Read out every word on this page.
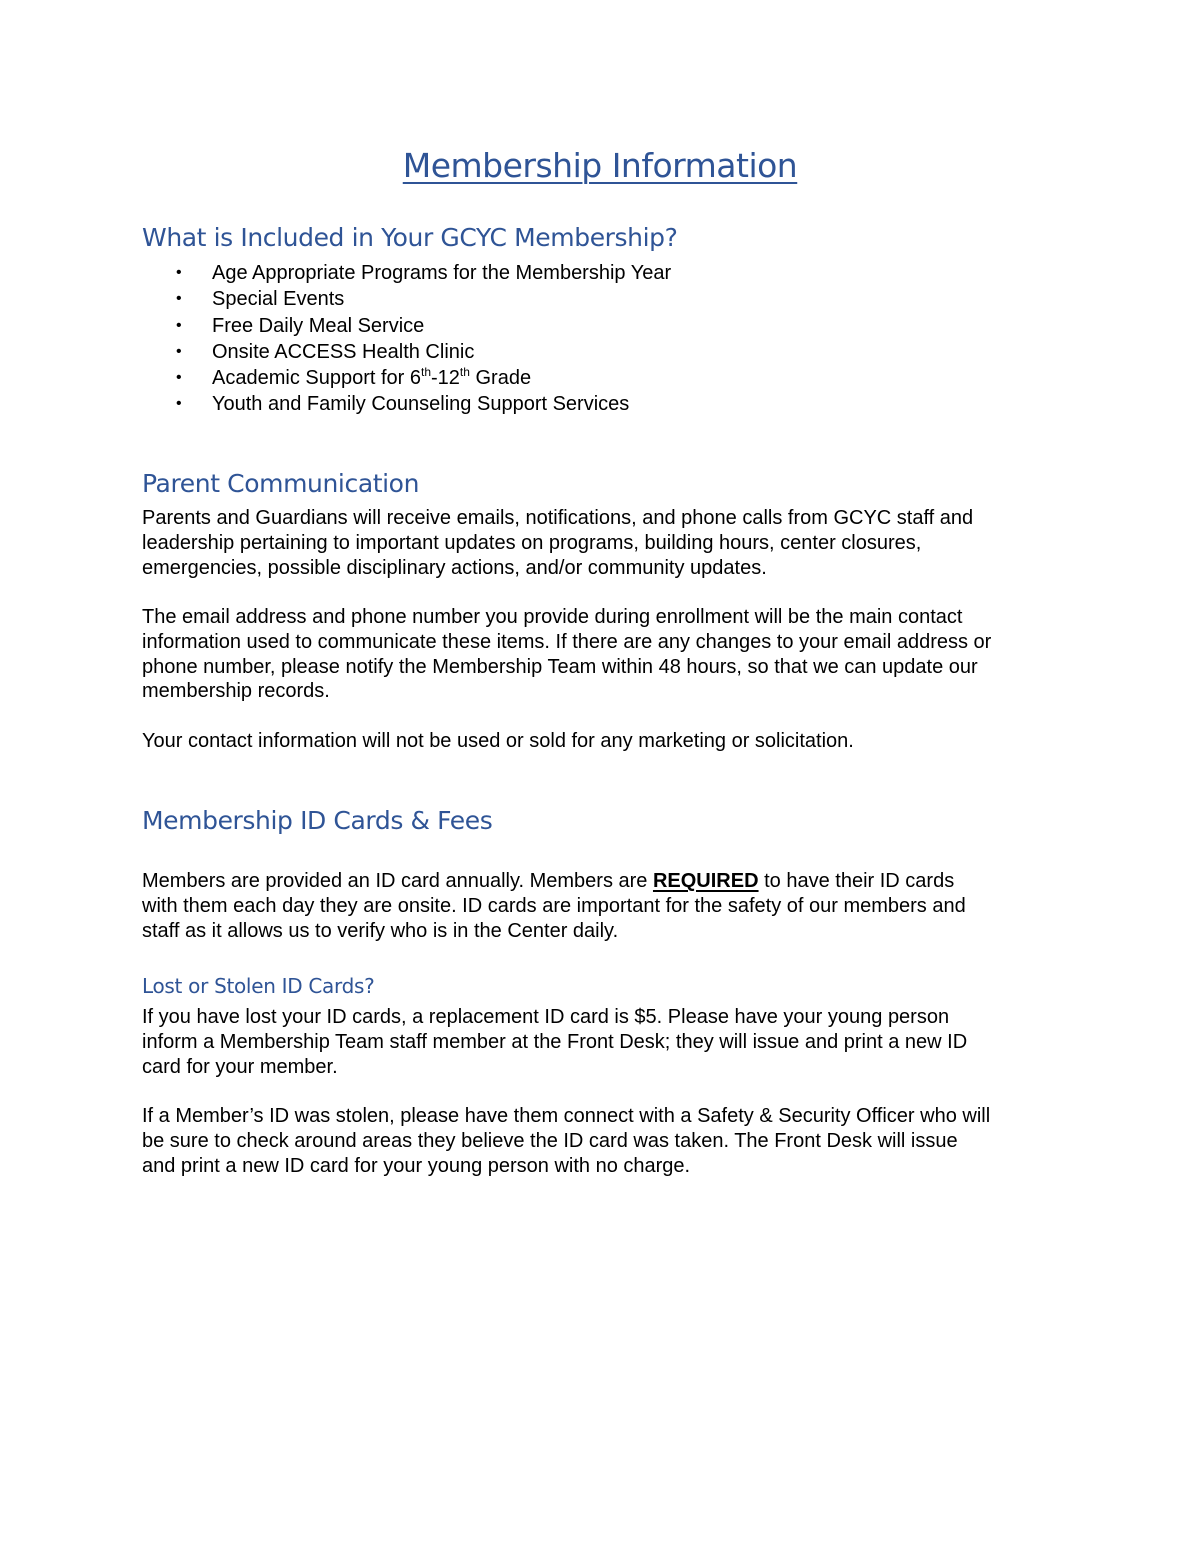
Membership Information
What is Included in Your GCYC Membership?
• Age Appropriate Programs for the Membership Year
• Special Events
• Free Daily Meal Service
• Onsite ACCESS Health Clinic
• Academic Support for 6th-12th Grade
• Youth and Family Counseling Support Services
Parent Communication

Parents and Guardians will receive emails, notifications, and phone calls from GCYC staff and
leadership pertaining to important updates on programs, building hours, center closures,
emergencies, possible disciplinary actions, and/or community updates.

The email address and phone number you provide during enrollment will be the main contact
information used to communicate these items. If there are any changes to your email address or
phone number, please notify the Membership Team within 48 hours, so that we can update our
membership records.

Your contact information will not be used or sold for any marketing or solicitation.

Membership ID Cards & Fees

Members are provided an ID card annually. Members are REQUIRED to have their ID cards
with them each day they are onsite. ID cards are important for the safety of our members and
staff as it allows us to verify who is in the Center daily.

Lost or Stolen ID Cards?

If you have lost your ID cards, a replacement ID card is $5. Please have your young person
inform a Membership Team staff member at the Front Desk; they will issue and print a new ID
card for your member.

If a Member’s ID was stolen, please have them connect with a Safety & Security Officer who will
be sure to check around areas they believe the ID card was taken. The Front Desk will issue
and print a new ID card for your young person with no charge.
